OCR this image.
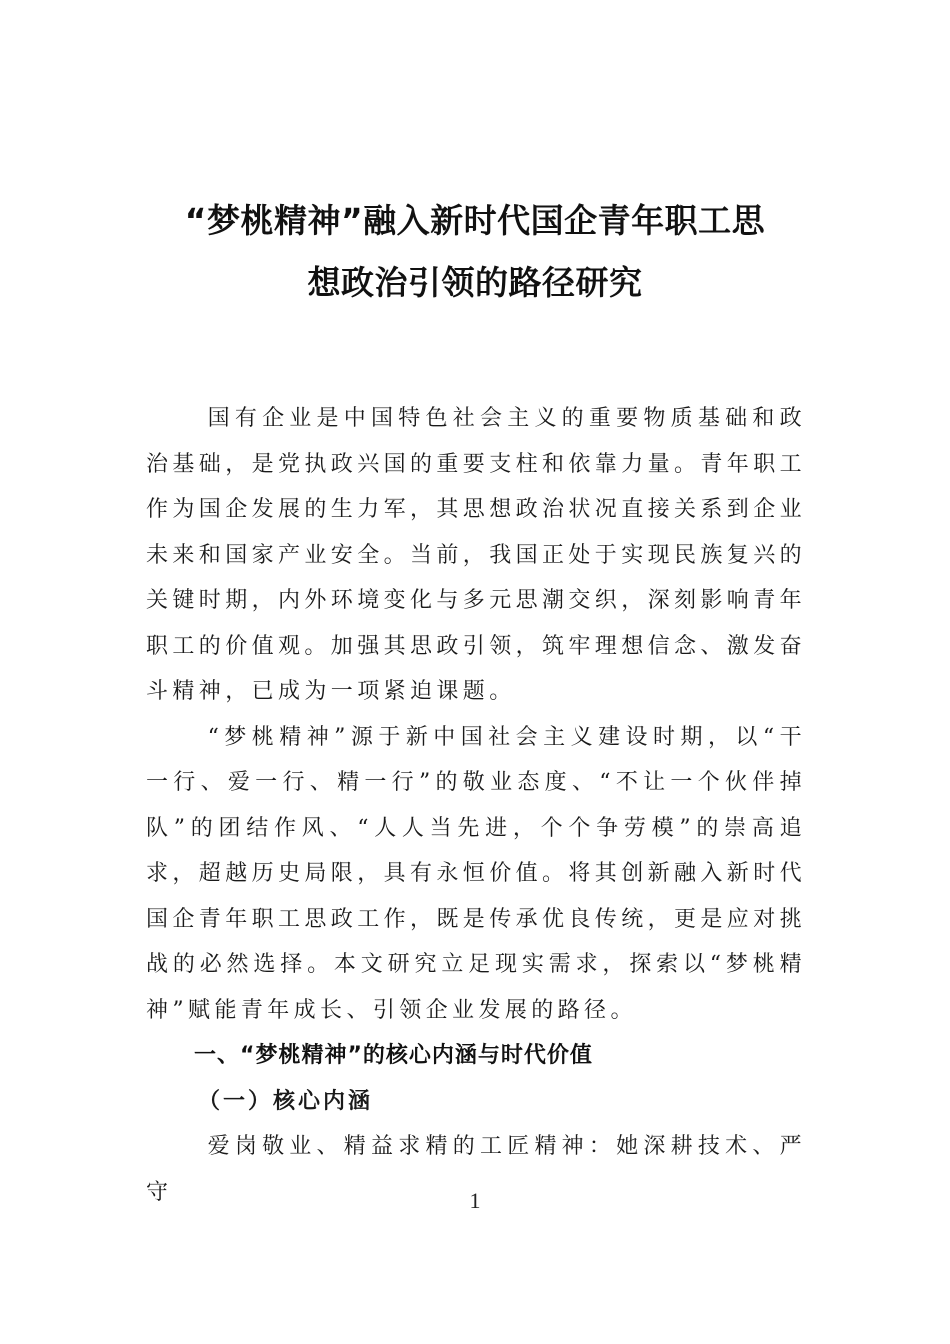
“梦桃精神”融入新时代国企青年职工思
想政治引领的路径研究

国有企业是中国特色社会主义的重要物质基础和政治基础，是党执政兴国的重要支柱和依靠力量。青年职工作为国企发展的生力军，其思想政治状况直接关系到企业未来和国家产业安全。当前，我国正处于实现民族复兴的关键时期，内外环境变化与多元思潮交织，深刻影响青年职工的价值观。加强其思政引领，筑牢理想信念、激发奋斗精神，已成为一项紧迫课题。

“梦桃精神”源于新中国社会主义建设时期，以“干一行、爱一行、精一行”的敬业态度、“不让一个伙伴掉队”的团结作风、“人人当先进，个个争劳模”的崇高追求，超越历史局限，具有永恒价值。将其创新融入新时代国企青年职工思政工作，既是传承优良传统，更是应对挑战的必然选择。本文研究立足现实需求，探索以“梦桃精神”赋能青年成长、引领企业发展的路径。

一、“梦桃精神”的核心内涵与时代价值
（一）核心内涵

爱岗敬业、精益求精的工匠精神：她深耕技术、严守	1
